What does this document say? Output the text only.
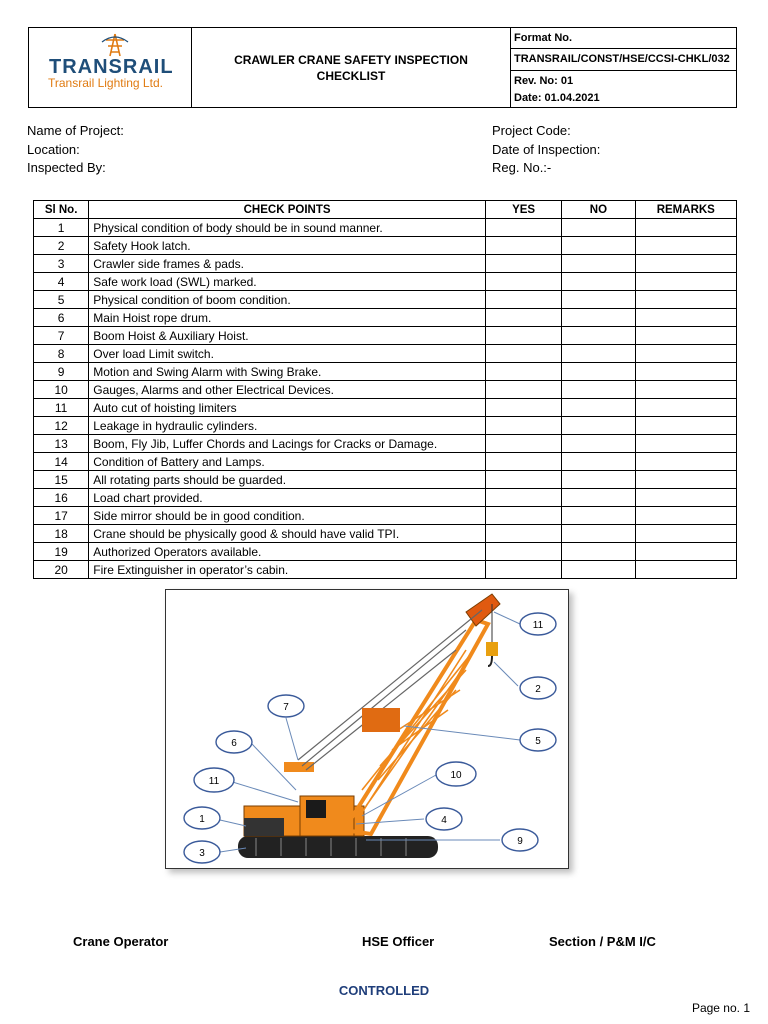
TRANSRAIL
Transrail Lighting Ltd.

CRAWLER CRANE SAFETY INSPECTION
CHECKLIST

Format No.
TRANSRAIL/CONST/HSE/CCSI-CHKL/032
Rev. No: 01
Date: 01.04.2021
Name of Project:
Location:
Inspected By:
Project Code:
Date of Inspection:
Reg. No.:-
Sl No.	CHECK POINTS	YES	NO	REMARKS
1	Physical condition of body should be in sound manner.			
2	Safety Hook latch.			
3	Crawler side frames & pads.			
4	Safe work load (SWL) marked.			
5	Physical condition of boom condition.			
6	Main Hoist rope drum.			
7	Boom Hoist & Auxiliary Hoist.			
8	Over load Limit switch.			
9	Motion and Swing Alarm with Swing Brake.			
10	Gauges, Alarms and other Electrical Devices.			
11	Auto cut of hoisting limiters			
12	Leakage in hydraulic cylinders.			
13	Boom, Fly Jib, Luffer Chords and Lacings for Cracks or Damage.			
14	Condition of Battery and Lamps.			
15	All rotating parts should be guarded.			
16	Load chart provided.			
17	Side mirror should be in good condition.			
18	Crane should be physically good & should have valid TPI.			
19	Authorized Operators available.			
20	Fire Extinguisher in operator’s cabin.			
11
2
5
7
6
10
11
1	4
9
3
Crane Operator	HSE Officer	Section / P&M I/C
CONTROLLED
Page no. 1
